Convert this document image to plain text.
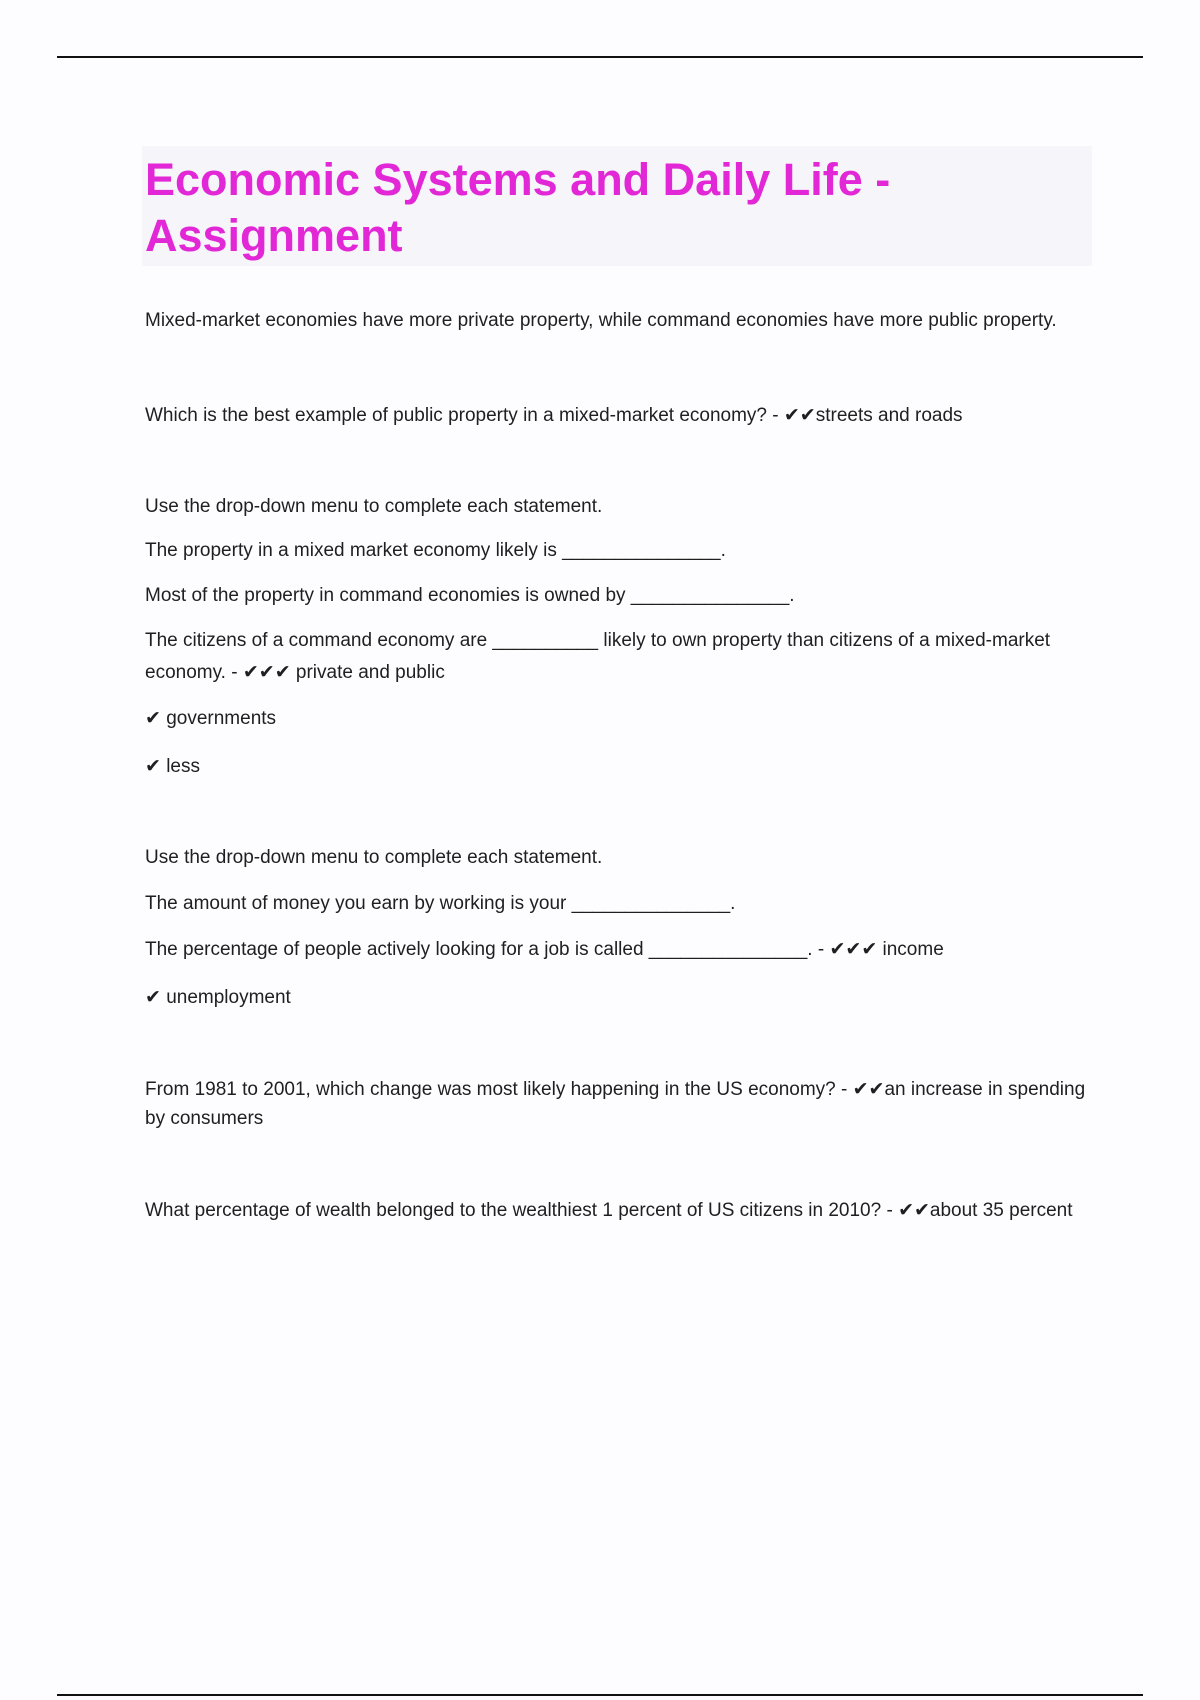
Economic Systems and Daily Life - Assignment

Mixed-market economies have more private property, while command economies have more public property.

Which is the best example of public property in a mixed-market economy? - ✔✔streets and roads

Use the drop-down menu to complete each statement.

The property in a mixed market economy likely is _______________.

Most of the property in command economies is owned by _______________.

The citizens of a command economy are __________ likely to own property than citizens of a mixed-market economy. - ✔✔✔ private and public

✔ governments

✔ less

Use the drop-down menu to complete each statement.

The amount of money you earn by working is your _______________.

The percentage of people actively looking for a job is called _______________. - ✔✔✔ income

✔ unemployment

From 1981 to 2001, which change was most likely happening in the US economy? - ✔✔an increase in spending by consumers

What percentage of wealth belonged to the wealthiest 1 percent of US citizens in 2010? - ✔✔about 35 percent
